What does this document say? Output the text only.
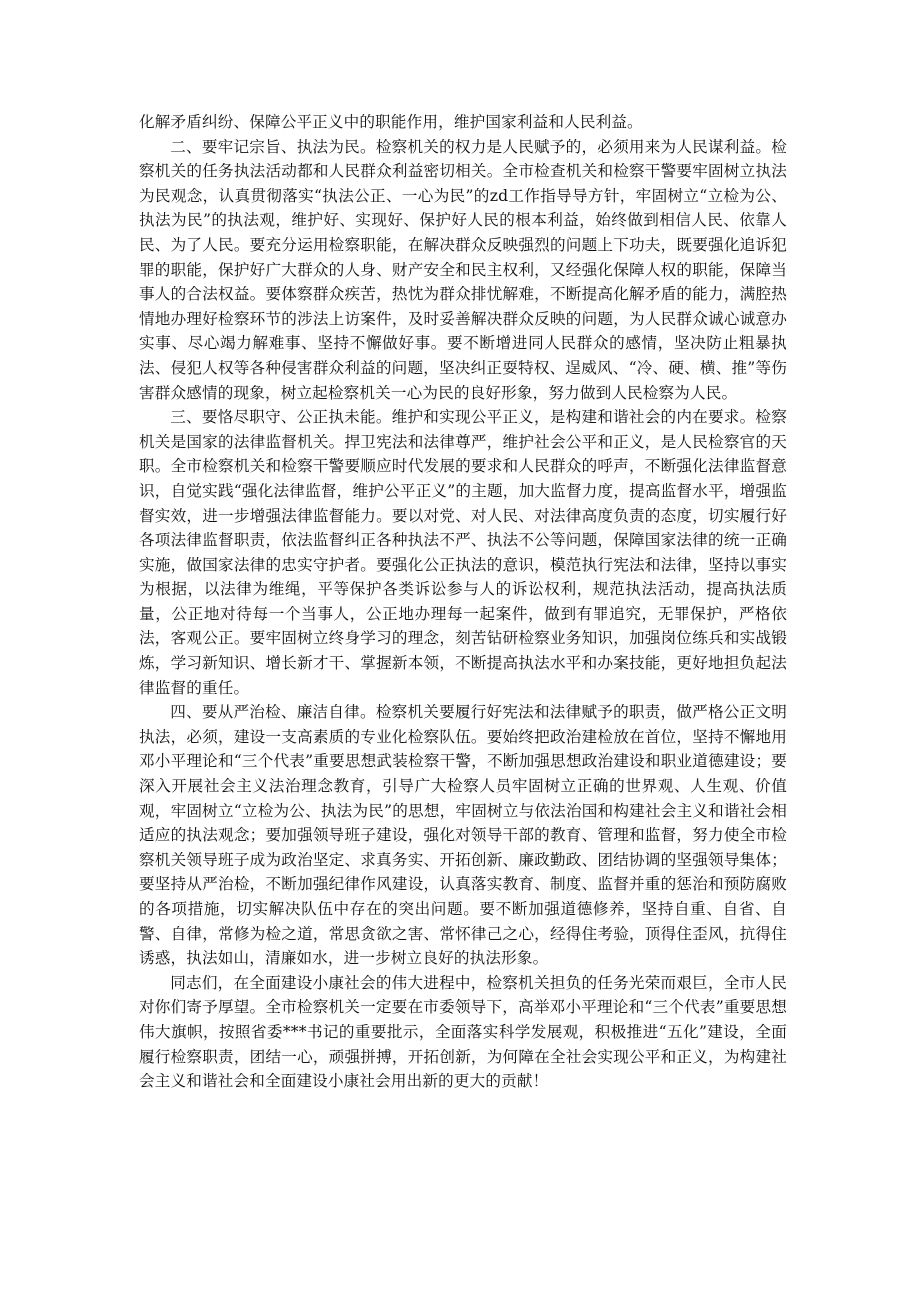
化解矛盾纠纷、保障公平正义中的职能作用，维护国家利益和人民利益。

二、要牢记宗旨、执法为民。检察机关的权力是人民赋予的，必须用来为人民谋利益。检察机关的任务执法活动都和人民群众利益密切相关。全市检查机关和检察干警要牢固树立执法为民观念，认真贯彻落实“执法公正、一心为民”的zd工作指导导方针，牢固树立“立检为公、执法为民”的执法观，维护好、实现好、保护好人民的根本利益，始终做到相信人民、依靠人民、为了人民。要充分运用检察职能，在解决群众反映强烈的问题上下功夫，既要强化追诉犯罪的职能，保护好广大群众的人身、财产安全和民主权利，又经强化保障人权的职能，保障当事人的合法权益。要体察群众疾苦，热忱为群众排忧解难，不断提高化解矛盾的能力，满腔热情地办理好检察环节的涉法上访案件，及时妥善解决群众反映的问题，为人民群众诚心诚意办实事、尽心竭力解难事、坚持不懈做好事。要不断增进同人民群众的感情，坚决防止粗暴执法、侵犯人权等各种侵害群众利益的问题，坚决纠正耍特权、逞威风、“冷、硬、横、推”等伤害群众感情的现象，树立起检察机关一心为民的良好形象，努力做到人民检察为人民。

三、要恪尽职守、公正执未能。维护和实现公平正义，是构建和谐社会的内在要求。检察机关是国家的法律监督机关。捍卫宪法和法律尊严，维护社会公平和正义，是人民检察官的天职。全市检察机关和检察干警要顺应时代发展的要求和人民群众的呼声，不断强化法律监督意识，自觉实践“强化法律监督，维护公平正义”的主题，加大监督力度，提高监督水平，增强监督实效，进一步增强法律监督能力。要以对党、对人民、对法律高度负责的态度，切实履行好各项法律监督职责，依法监督纠正各种执法不严、执法不公等问题，保障国家法律的统一正确实施，做国家法律的忠实守护者。要强化公正执法的意识，模范执行宪法和法律，坚持以事实为根据，以法律为维绳，平等保护各类诉讼参与人的诉讼权利，规范执法活动，提高执法质量，公正地对待每一个当事人，公正地办理每一起案件，做到有罪追究，无罪保护，严格依法，客观公正。要牢固树立终身学习的理念，刻苦钻研检察业务知识，加强岗位练兵和实战锻炼，学习新知识、增长新才干、掌握新本领，不断提高执法水平和办案技能，更好地担负起法律监督的重任。

四、要从严治检、廉洁自律。检察机关要履行好宪法和法律赋予的职责，做严格公正文明执法，必须，建设一支高素质的专业化检察队伍。要始终把政治建检放在首位，坚持不懈地用邓小平理论和“三个代表”重要思想武装检察干警，不断加强思想政治建设和职业道德建设；要深入开展社会主义法治理念教育，引导广大检察人员牢固树立正确的世界观、人生观、价值观，牢固树立“立检为公、执法为民”的思想，牢固树立与依法治国和构建社会主义和谐社会相适应的执法观念；要加强领导班子建设，强化对领导干部的教育、管理和监督，努力使全市检察机关领导班子成为政治坚定、求真务实、开拓创新、廉政勤政、团结协调的坚强领导集体；要坚持从严治检，不断加强纪律作风建设，认真落实教育、制度、监督并重的惩治和预防腐败的各项措施，切实解决队伍中存在的突出问题。要不断加强道德修养，坚持自重、自省、自警、自律，常修为检之道，常思贪欲之害、常怀律己之心，经得住考验，顶得住歪风，抗得住诱惑，执法如山，清廉如水，进一步树立良好的执法形象。

同志们，在全面建设小康社会的伟大进程中，检察机关担负的任务光荣而艰巨，全市人民对你们寄予厚望。全市检察机关一定要在市委领导下，高举邓小平理论和“三个代表”重要思想伟大旗帜，按照省委***书记的重要批示，全面落实科学发展观，积极推进“五化”建设，全面履行检察职责，团结一心，顽强拼搏，开拓创新，为何障在全社会实现公平和正义，为构建社会主义和谐社会和全面建设小康社会用出新的更大的贡献！
